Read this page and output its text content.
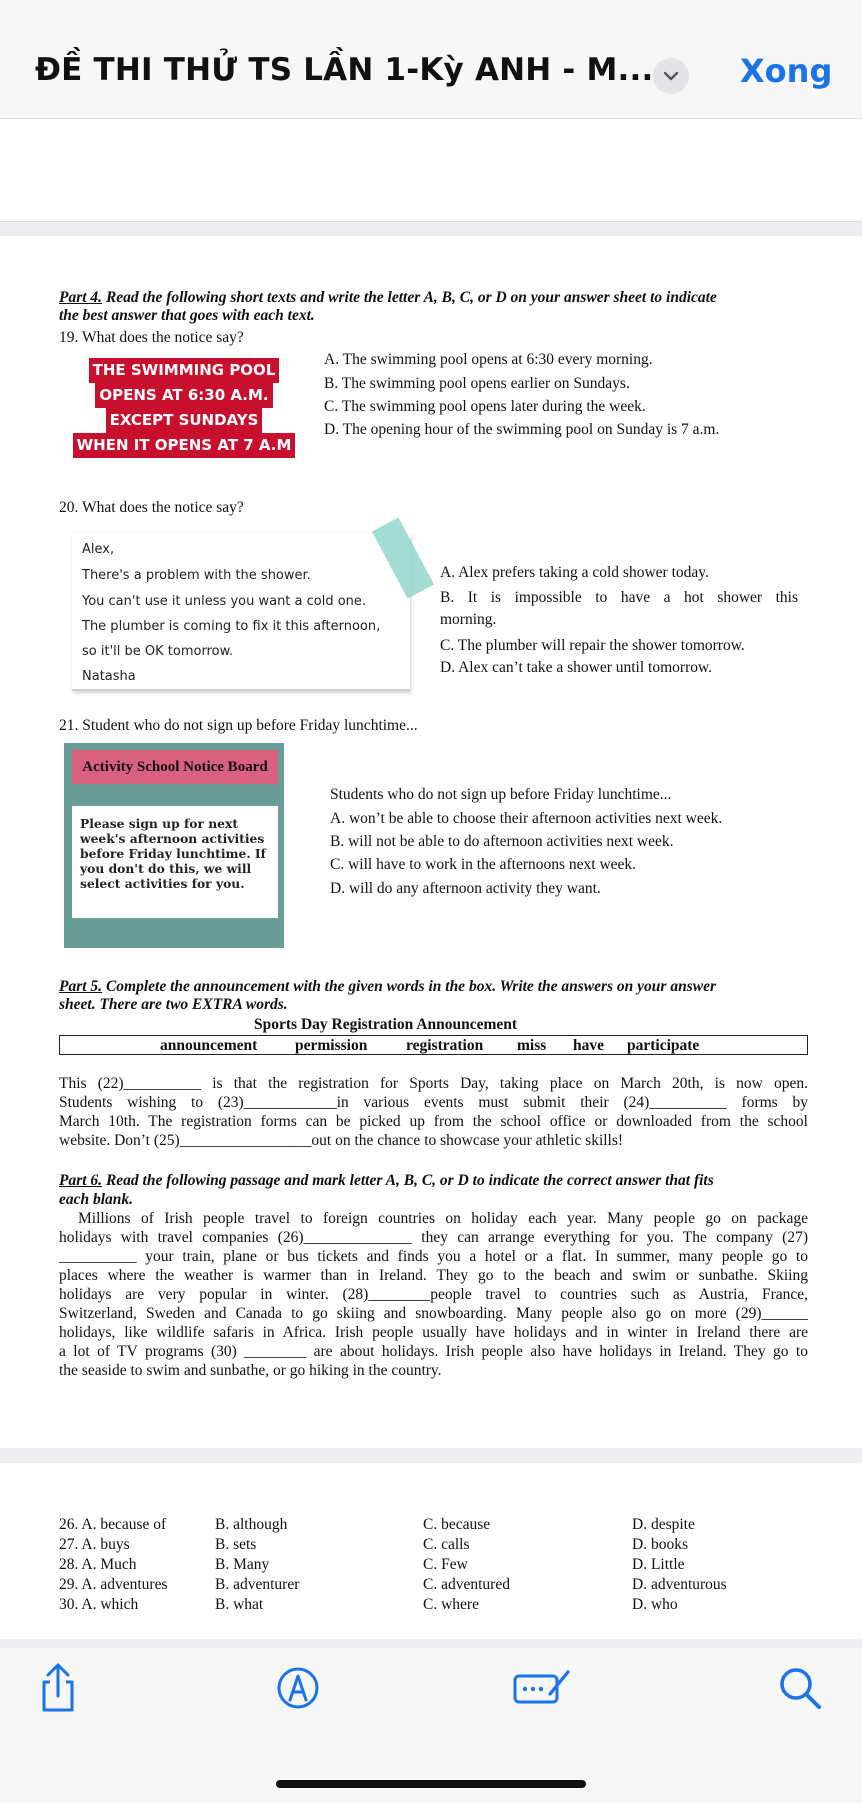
ĐỀ THI THỬ TS LẦN 1-Kỳ ANH - M...	Xong
Part 4. Read the following short texts and write the letter A, B, C, or D on your answer sheet to indicate
the best answer that goes with each text.
19. What does the notice say?
THE SWIMMING POOL
OPENS AT 6:30 A.M.
EXCEPT SUNDAYS
WHEN IT OPENS AT 7 A.M
A. The swimming pool opens at 6:30 every morning.
B. The swimming pool opens earlier on Sundays.
C. The swimming pool opens later during the week.
D. The opening hour of the swimming pool on Sunday is 7 a.m.
20. What does the notice say?
Alex,
There's a problem with the shower.
You can't use it unless you want a cold one.
The plumber is coming to fix it this afternoon,
so it'll be OK tomorrow.
Natasha
A. Alex prefers taking a cold shower today.
B. It is impossible to have a hot shower this
morning.
C. The plumber will repair the shower tomorrow.
D. Alex can’t take a shower until tomorrow.
21. Student who do not sign up before Friday lunchtime...
Activity School Notice Board
Please sign up for next week's afternoon activities before Friday lunchtime. If you don't do this, we will select activities for you.
Students who do not sign up before Friday lunchtime...
A. won’t be able to choose their afternoon activities next week.
B. will not be able to do afternoon activities next week.
C. will have to work in the afternoons next week.
D. will do any afternoon activity they want.
Part 5. Complete the announcement with the given words in the box. Write the answers on your answer
sheet. There are two EXTRA words.
Sports Day Registration Announcement
announcement permission registration miss have participate
This (22)__________ is that the registration for Sports Day, taking place on March 20th, is now open.
Students wishing to (23)____________in various events must submit their (24)__________ forms by
March 10th. The registration forms can be picked up from the school office or downloaded from the school
website. Don’t (25)_________________out on the chance to showcase your athletic skills!
Part 6. Read the following passage and mark letter A, B, C, or D to indicate the correct answer that fits
each blank.
Millions of Irish people travel to foreign countries on holiday each year. Many people go on package
holidays with travel companies (26)______________ they can arrange everything for you. The company (27)
__________ your train, plane or bus tickets and finds you a hotel or a flat. In summer, many people go to
places where the weather is warmer than in Ireland. They go to the beach and swim or sunbathe. Skiing
holidays are very popular in winter. (28)________people travel to countries such as Austria, France,
Switzerland, Sweden and Canada to go skiing and snowboarding. Many people also go on more (29)______
holidays, like wildlife safaris in Africa. Irish people usually have holidays and in winter in Ireland there are
a lot of TV programs (30) ________ are about holidays. Irish people also have holidays in Ireland. They go to
the seaside to swim and sunbathe, or go hiking in the country.
26. A. because of	B. although	C. because	D. despite
27. A. buys	B. sets	C. calls	D. books
28. A. Much	B. Many	C. Few	D. Little
29. A. adventures	B. adventurer	C. adventured	D. adventurous
30. A. which	B. what	C. where	D. who
